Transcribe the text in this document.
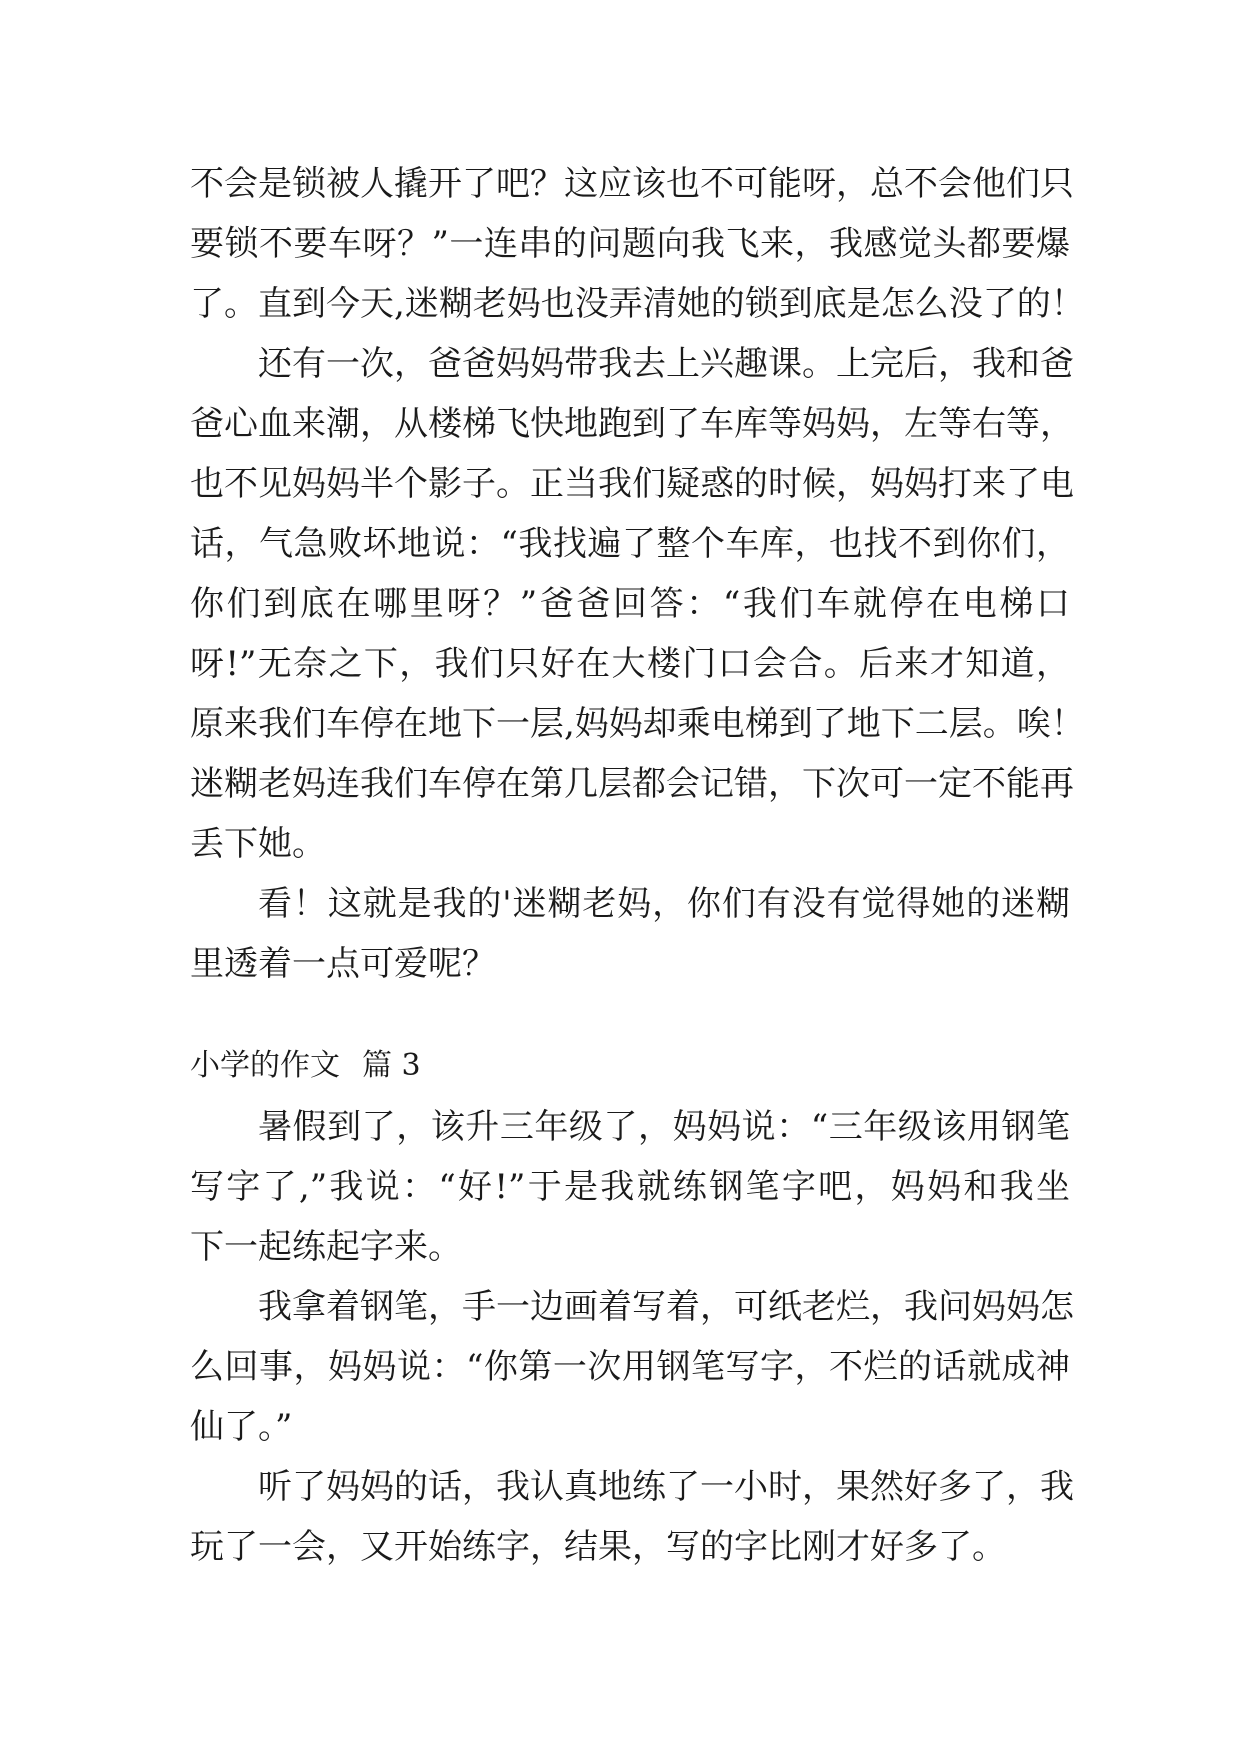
不会是锁被人撬开了吧？这应该也不可能呀，总不会他们只
要锁不要车呀？”一连串的问题向我飞来，我感觉头都要爆
了。直到今天,迷糊老妈也没弄清她的锁到底是怎么没了的！
还有一次，爸爸妈妈带我去上兴趣课。上完后，我和爸
爸心血来潮，从楼梯飞快地跑到了车库等妈妈，左等右等，
也不见妈妈半个影子。正当我们疑惑的时候，妈妈打来了电
话，气急败坏地说：“我找遍了整个车库，也找不到你们，
你们到底在哪里呀？”爸爸回答：“我们车就停在电梯口
呀!”无奈之下，我们只好在大楼门口会合。后来才知道，
原来我们车停在地下一层,妈妈却乘电梯到了地下二层。唉！
迷糊老妈连我们车停在第几层都会记错，下次可一定不能再
丢下她。
看！这就是我的'迷糊老妈，你们有没有觉得她的迷糊
里透着一点可爱呢？
小学的作文 篇 3
暑假到了，该升三年级了，妈妈说：“三年级该用钢笔
写字了,”我说：“好!”于是我就练钢笔字吧，妈妈和我坐
下一起练起字来。
我拿着钢笔，手一边画着写着，可纸老烂，我问妈妈怎
么回事，妈妈说：“你第一次用钢笔写字，不烂的话就成神
仙了。”
听了妈妈的话，我认真地练了一小时，果然好多了，我
玩了一会，又开始练字，结果，写的字比刚才好多了。
